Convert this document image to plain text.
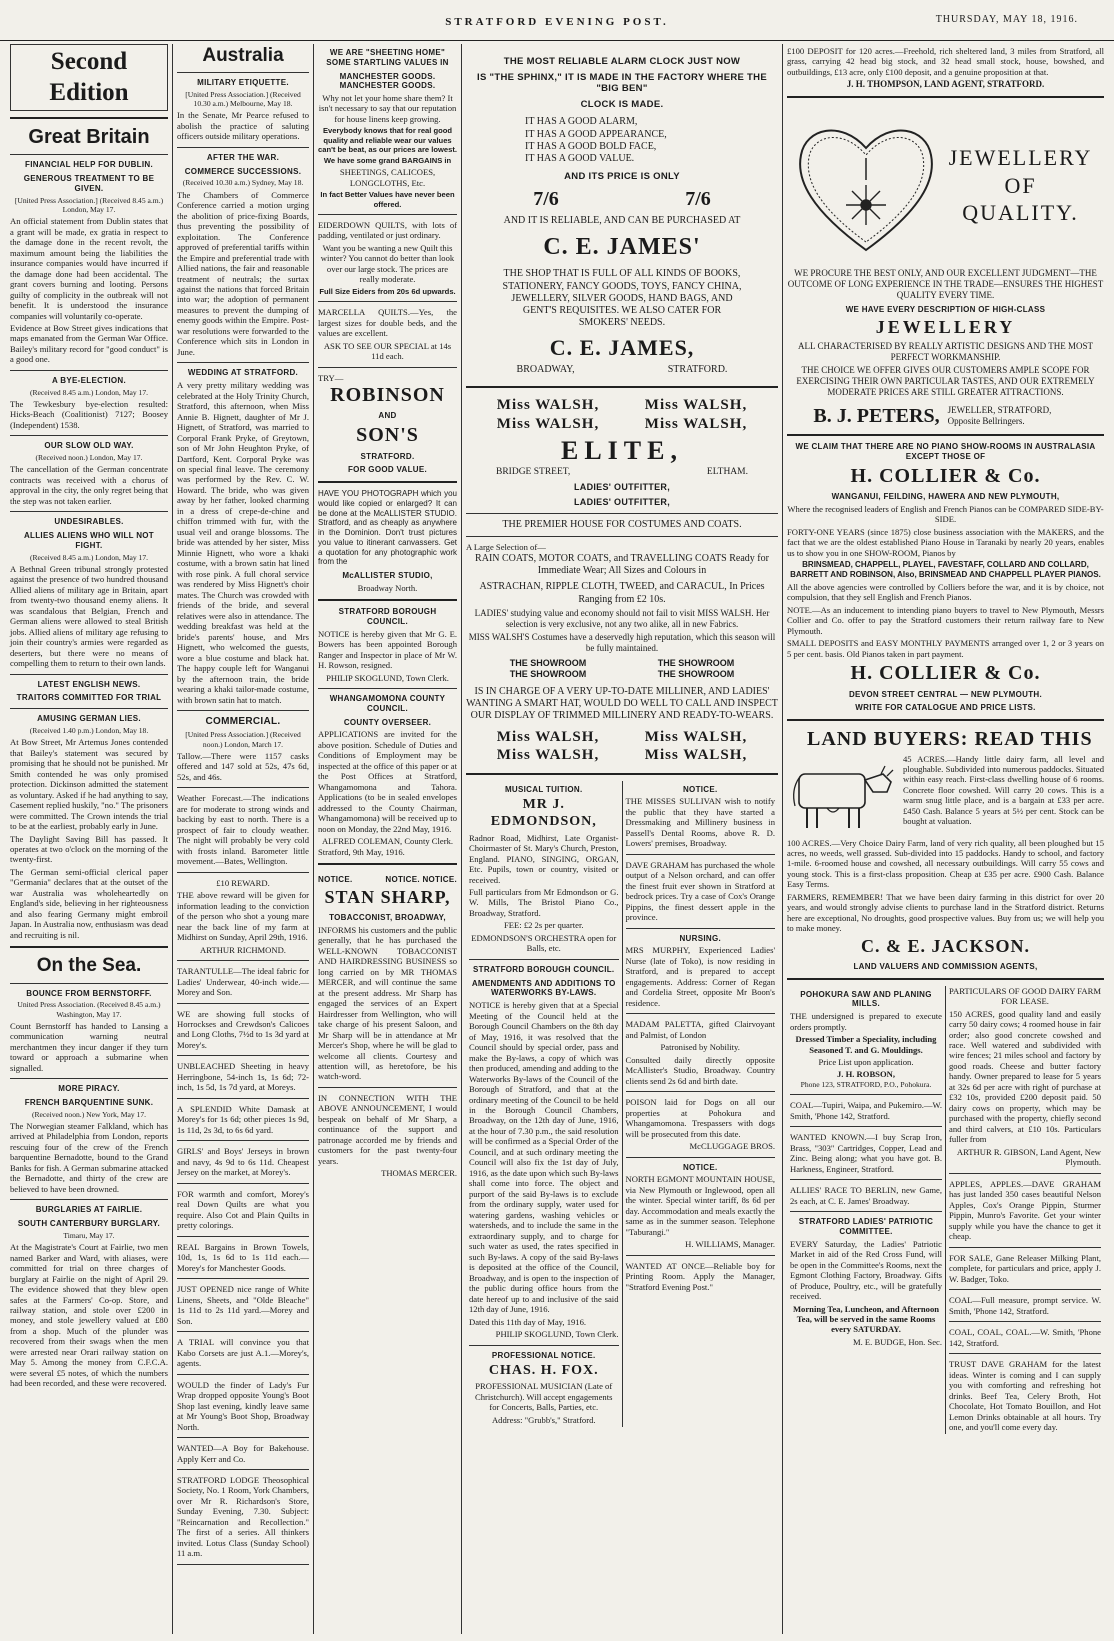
STRATFORD EVENING POST.	THURSDAY, MAY 18, 1916.
Second Edition
Great Britain
FINANCIAL HELP FOR DUBLIN.
GENEROUS TREATMENT TO BE GIVEN.
[United Press Association.] (Received 8.45 a.m.) London, May 17.

An official statement from Dublin states that a grant will be made, ex gratia in respect to the damage done in the recent revolt, the maximum amount being the liabilities the insurance companies would have incurred if the damage done had been accidental. The grant covers burning and looting. Persons guilty of complicity in the outbreak will not benefit. It is understood the insurance companies will voluntarily co-operate.

Evidence at Bow Street gives indications that maps emanated from the German War Office. Bailey's military record for "good conduct" is a good one.

A BYE-ELECTION.
(Received 8.45 a.m.) London, May 17.

The Tewkesbury bye-election resulted: Hicks-Beach (Coalitionist) 7127; Boosey (Independent) 1538.

OUR SLOW OLD WAY.
(Received noon.) London, May 17.

The cancellation of the German concentrate contracts was received with a chorus of approval in the city, the only regret being that the step was not taken earlier.

UNDESIRABLES.
ALLIES ALIENS WHO WILL NOT FIGHT.
(Received 8.45 a.m.) London, May 17.

A Bethnal Green tribunal strongly protested against the presence of two hundred thousand Allied aliens of military age in Britain, apart from twenty-two thousand enemy aliens. It was scandalous that Belgian, French and German aliens were allowed to steal British jobs. Allied aliens of military age refusing to join their country's armies were regarded as deserters, but there were no means of compelling them to return to their own lands.

LATEST ENGLISH NEWS.
TRAITORS COMMITTED FOR TRIAL
AMUSING GERMAN LIES.
(Received 1.40 p.m.) London, May 18.

At Bow Street, Mr Artemus Jones contended that Bailey's statement was secured by promising that he should not be punished. Mr Smith contended he was only promised protection. Dickinson admitted the statement as voluntary. Asked if he had anything to say, Casement replied huskily, "no." The prisoners were committed. The Crown intends the trial to be at the earliest, probably early in June.

The Daylight Saving Bill has passed. It operates at two o'clock on the morning of the twenty-first.

The German semi-official clerical paper "Germania" declares that at the outset of the war Australia was wholeheartedly on England's side, believing in her righteousness and also fearing Germany might embroil Japan. In Australia now, enthusiasm was dead and recruiting is nil.

On the Sea.
BOUNCE FROM BERNSTORFF.
United Press Association. (Received 8.45 a.m.) Washington, May 17.

Count Bernstorff has handed to Lansing a communication warning neutral merchantmen they incur danger if they turn toward or approach a submarine when signalled.

MORE PIRACY.
FRENCH BARQUENTINE SUNK.
(Received noon.) New York, May 17.

The Norwegian steamer Falkland, which has arrived at Philadelphia from London, reports rescuing four of the crew of the French barquentine Bernadotte, bound to the Grand Banks for fish. A German submarine attacked the Bernadotte, and thirty of the crew are believed to have been drowned.

BURGLARIES AT FAIRLIE.
SOUTH CANTERBURY BURGLARY.
Timaru, May 17.

At the Magistrate's Court at Fairlie, two men named Barker and Ward, with aliases, were committed for trial on three charges of burglary at Fairlie on the night of April 29. The evidence showed that they blew open safes at the Farmers' Co-op. Store, and railway station, and stole over £200 in money, and stole jewellery valued at £80 from a shop. Much of the plunder was recovered from their swags when the men were arrested near Orari railway station on May 5. Among the money from C.F.C.A. were several £5 notes, of which the numbers had been recorded, and these were recovered.

Australia
MILITARY ETIQUETTE.
[United Press Association.] (Received 10.30 a.m.) Melbourne, May 18.

In the Senate, Mr Pearce refused to abolish the practice of saluting officers outside military operations.

AFTER THE WAR.
COMMERCE SUCCESSIONS.
(Received 10.30 a.m.) Sydney, May 18.

The Chambers of Commerce Conference carried a motion urging the abolition of price-fixing Boards, thus preventing the possibility of exploitation. The Conference approved of preferential tariffs within the Empire and preferential trade with Allied nations, the fair and reasonable treatment of neutrals; the surtax against the nations that forced Britain into war; the adoption of permanent measures to prevent the dumping of enemy goods within the Empire. Post-war resolutions were forwarded to the Conference which sits in London in June.

WEDDING AT STRATFORD.

A very pretty military wedding was celebrated at the Holy Trinity Church, Stratford, this afternoon, when Miss Annie B. Hignett, daughter of Mr J. Hignett, of Stratford, was married to Corporal Frank Pryke, of Greytown, son of Mr John Heughton Pryke, of Dartford, Kent. Corporal Pryke was on special final leave. The ceremony was performed by the Rev. C. W. Howard. The bride, who was given away by her father, looked charming in a dress of crepe-de-chine and chiffon trimmed with fur, with the usual veil and orange blossoms. The bride was attended by her sister, Miss Minnie Hignett, who wore a khaki costume, with a brown satin hat lined with rose pink. A full choral service was rendered by Miss Hignett's choir mates. The Church was crowded with friends of the bride, and several relatives were also in attendance. The wedding breakfast was held at the bride's parents' house, and Mrs Hignett, who welcomed the guests, wore a blue costume and black hat. The happy couple left for Wanganui by the afternoon train, the bride wearing a khaki tailor-made costume, with brown satin hat to match.

COMMERCIAL.
[United Press Association.] (Received noon.) London, March 17.

Tallow.—There were 1157 casks offered and 147 sold at 52s, 47s 6d, 52s, and 46s.

Weather Forecast.—The indications are for moderate to strong winds and backing by east to north. There is a prospect of fair to cloudy weather. The night will probably be very cold with frosts inland. Barometer little movement.—Bates, Wellington.

£10 REWARD.

THE above reward will be given for information leading to the conviction of the person who shot a young mare near the back line of my farm at Midhirst on Sunday, April 29th, 1916.

ARTHUR RICHMOND.

TARANTULLE—The ideal fabric for Ladies' Underwear, 40-inch wide.—Morey and Son.

WE are showing full stocks of Horrockses and Crewdson's Calicoes and Long Cloths, 7½d to 1s 3d yard at Morey's.

UNBLEACHED Sheeting in heavy Herringbone, 54-inch 1s, 1s 6d; 72-inch, 1s 5d, 1s 7d yard, at Moreys.

A SPLENDID White Damask at Morey's for 1s 6d; other pieces 1s 9d, 1s 11d, 2s 3d, to 6s 6d yard.

GIRLS' and Boys' Jerseys in brown and navy, 4s 9d to 6s 11d. Cheapest Jersey on the market, at Morey's.

FOR warmth and comfort, Morey's real Down Quilts are what you require. Also Cot and Plain Quilts in pretty colorings.

REAL Bargains in Brown Towels, 10d, 1s, 1s 6d to 1s 11d each.—Morey's for Manchester Goods.

JUST OPENED nice range of White Linens, Sheets, and "Olde Bleache" 1s 11d to 2s 11d yard.—Morey and Son.

A TRIAL will convince you that Kabo Corsets are just A.1.—Morey's, agents.

WOULD the finder of Lady's Fur Wrap dropped opposite Young's Boot Shop last evening, kindly leave same at Mr Young's Boot Shop, Broadway North.

WANTED—A Boy for Bakehouse. Apply Kerr and Co.

STRATFORD LODGE Theosophical Society, No. 1 Room, York Chambers, over Mr R. Richardson's Store, Sunday Evening, 7.30. Subject: "Reincarnation and Recollection." The first of a series. All thinkers invited. Lotus Class (Sunday School) 11 a.m.

WE ARE "SHEETING HOME" SOME STARTLING VALUES IN
MANCHESTER GOODS. MANCHESTER GOODS.

Why not let your home share them? It isn't necessary to say that our reputation for house linens keep growing.

Everybody knows that for real good quality and reliable wear our values can't be beat, as our prices are lowest.

We have some grand BARGAINS in

SHEETINGS, CALICOES, LONGCLOTHS, Etc.

In fact Better Values have never been offered.

EIDERDOWN QUILTS, with lots of padding, ventilated or just ordinary.

Want you be wanting a new Quilt this winter? You cannot do better than look over our large stock. The prices are really moderate.

Full Size Eiders from 20s 6d upwards.

MARCELLA QUILTS.—Yes, the largest sizes for double beds, and the values are excellent.

ASK TO SEE OUR SPECIAL at 14s 11d each.

TRY—
ROBINSON
AND
SON'S
STRATFORD.
FOR GOOD VALUE.

HAVE YOU PHOTOGRAPH which you would like copied or enlarged? It can be done at the McALLISTER STUDIO. Stratford, and as cheaply as anywhere in the Dominion. Don't trust pictures you value to itinerant canvassers. Get a quotation for any photographic work from the

McALLISTER STUDIO,
Broadway North.
STRATFORD BOROUGH COUNCIL.

NOTICE is hereby given that Mr G. E. Bowers has been appointed Borough Ranger and Inspector in place of Mr W. H. Rowson, resigned.

PHILIP SKOGLUND, Town Clerk.
WHANGAMOMONA COUNTY COUNCIL.
COUNTY OVERSEER.

APPLICATIONS are invited for the above position. Schedule of Duties and Conditions of Employment may be inspected at the office of this paper or at the Post Offices at Stratford, Whangamomona and Tahora. Applications (to be in sealed envelopes addressed to the County Chairman, Whangamomona) will be received up to noon on Monday, the 22nd May, 1916.

ALFRED COLEMAN, County Clerk.
Stratford, 9th May, 1916.
NOTICE.	NOTICE. NOTICE.
STAN SHARP,
TOBACCONIST, BROADWAY,

INFORMS his customers and the public generally, that he has purchased the WELL-KNOWN TOBACCONIST AND HAIRDRESSING BUSINESS so long carried on by MR THOMAS MERCER, and will continue the same at the present address. Mr Sharp has engaged the services of an Expert Hairdresser from Wellington, who will take charge of his present Saloon, and Mr Sharp will be in attendance at Mr Mercer's Shop, where he will be glad to welcome all clients. Courtesy and attention will, as heretofore, be his watch-word.

IN CONNECTION WITH THE ABOVE ANNOUNCEMENT, I would bespeak on behalf of Mr Sharp, a continuance of the support and patronage accorded me by friends and customers for the past twenty-four years.

THOMAS MERCER.
THE MOST RELIABLE ALARM CLOCK JUST NOW
IS "THE SPHINX," IT IS MADE IN THE FACTORY WHERE THE "BIG BEN"
CLOCK IS MADE.
IT HAS A GOOD ALARM,
IT HAS A GOOD APPEARANCE,
IT HAS A GOOD BOLD FACE,
IT HAS A GOOD VALUE.
AND ITS PRICE IS ONLY
7/6	7/6
AND IT IS RELIABLE, AND CAN BE PURCHASED AT
C. E. JAMES'
THE SHOP THAT IS FULL OF ALL KINDS OF BOOKS, STATIONERY, FANCY GOODS, TOYS, FANCY CHINA, JEWELLERY, SILVER GOODS, HAND BAGS, AND GENT'S REQUISITES. WE ALSO CATER FOR SMOKERS' NEEDS.
C. E. JAMES,
BROADWAY,	STRATFORD.
Miss WALSH,	Miss WALSH,
Miss WALSH,	Miss WALSH,
ELITE,
BRIDGE STREET,	ELTHAM.
LADIES' OUTFITTER,
LADIES' OUTFITTER,
THE PREMIER HOUSE FOR COSTUMES AND COATS.
A Large Selection of—
RAIN COATS, MOTOR COATS, and TRAVELLING COATS Ready for Immediate Wear; All Sizes and Colours in
ASTRACHAN, RIPPLE CLOTH, TWEED, and CARACUL, In Prices Ranging from £2 10s.

LADIES' studying value and economy should not fail to visit MISS WALSH. Her selection is very exclusive, not any two alike, all in new Fabrics.

MISS WALSH'S Costumes have a deservedly high reputation, which this season will be fully maintained.

THE SHOWROOM	THE SHOWROOM
THE SHOWROOM	THE SHOWROOM
IS IN CHARGE OF A VERY UP-TO-DATE MILLINER, AND LADIES' WANTING A SMART HAT, WOULD DO WELL TO CALL AND INSPECT OUR DISPLAY OF TRIMMED MILLINERY AND READY-TO-WEARS.
Miss WALSH,	Miss WALSH,
Miss WALSH,	Miss WALSH,
MUSICAL TUITION.
MR J. EDMONDSON,

Radnor Road, Midhirst, Late Organist-Choirmaster of St. Mary's Church, Preston, England. PIANO, SINGING, ORGAN, Etc. Pupils, town or country, visited or received.

Full particulars from Mr Edmondson or G. W. Mills, The Bristol Piano Co., Broadway, Stratford.

FEE: £2 2s per quarter.

EDMONDSON'S ORCHESTRA open for Balls, etc.

STRATFORD BOROUGH COUNCIL.
AMENDMENTS AND ADDITIONS TO WATERWORKS BY-LAWS.

NOTICE is hereby given that at a Special Meeting of the Council held at the Borough Council Chambers on the 8th day of May, 1916, it was resolved that the Council should by special order, pass and make the By-laws, a copy of which was then produced, amending and adding to the Waterworks By-laws of the Council of the Borough of Stratford, and that at the ordinary meeting of the Council to be held in the Borough Council Chambers, Broadway, on the 12th day of June, 1916, at the hour of 7.30 p.m., the said resolution will be confirmed as a Special Order of the Council, and at such ordinary meeting the Council will also fix the 1st day of July, 1916, as the date upon which such By-laws shall come into force. The object and purport of the said By-laws is to exclude from the ordinary supply, water used for watering gardens, washing vehicles or watersheds, and to include the same in the extraordinary supply, and to charge for such water as used, the rates specified in such By-laws. A copy of the said By-laws is deposited at the office of the Council, Broadway, and is open to the inspection of the public during office hours from the date hereof up to and inclusive of the said 12th day of June, 1916.

Dated this 11th day of May, 1916.

PHILIP SKOGLUND, Town Clerk.
PROFESSIONAL NOTICE.
CHAS. H. FOX.

PROFESSIONAL MUSICIAN (Late of Christchurch). Will accept engagements for Concerts, Balls, Parties, etc.

Address: "Grubb's," Stratford.

NOTICE.

THE MISSES SULLIVAN wish to notify the public that they have started a Dressmaking and Millinery business in Passell's Dental Rooms, above R. D. Lowers' premises, Broadway.

DAVE GRAHAM has purchased the whole output of a Nelson orchard, and can offer the finest fruit ever shown in Stratford at bedrock prices. Try a case of Cox's Orange Pippins, the finest dessert apple in the province.

NURSING.

MRS MURPHY, Experienced Ladies' Nurse (late of Toko), is now residing in Stratford, and is prepared to accept engagements. Address: Corner of Regan and Cordelia Street, opposite Mr Boon's residence.

MADAM PALETTA, gifted Clairvoyant and Palmist, of London

Patronised by Nobility.

Consulted daily directly opposite McAllister's Studio, Broadway. Country clients send 2s 6d and birth date.

POISON laid for Dogs on all our properties at Pohokura and Whangamomona. Trespassers with dogs will be prosecuted from this date.

McCLUGGAGE BROS.
NOTICE.

NORTH EGMONT MOUNTAIN HOUSE, via New Plymouth or Inglewood, open all the winter. Special winter tariff, 8s 6d per day. Accommodation and meals exactly the same as in the summer season. Telephone "Taburangi."

H. WILLIAMS, Manager.

WANTED AT ONCE—Reliable boy for Printing Room. Apply the Manager, "Stratford Evening Post."

£100 DEPOSIT for 120 acres.—Freehold, rich sheltered land, 3 miles from Stratford, all grass, carrying 42 head big stock, and 32 head small stock, house, bowshed, and outbuildings, £13 acre, only £100 deposit, and a genuine proposition at that.

J. H. THOMPSON, LAND AGENT, STRATFORD.
JEWELLERY
OF
QUALITY.

WE PROCURE THE BEST ONLY, AND OUR EXCELLENT JUDGMENT—THE OUTCOME OF LONG EXPERIENCE IN THE TRADE—ENSURES THE HIGHEST QUALITY EVERY TIME.

WE HAVE EVERY DESCRIPTION OF HIGH-CLASS
JEWELLERY

ALL CHARACTERISED BY REALLY ARTISTIC DESIGNS AND THE MOST PERFECT WORKMANSHIP.

THE CHOICE WE OFFER GIVES OUR CUSTOMERS AMPLE SCOPE FOR EXERCISING THEIR OWN PARTICULAR TASTES, AND OUR EXTREMELY MODERATE PRICES ARE STILL GREATER ATTRACTIONS.

B. J. PETERS, JEWELLER, STRATFORD, Opposite Bellringers.
WE CLAIM THAT THERE ARE NO PIANO SHOW-ROOMS IN AUSTRALASIA EXCEPT THOSE OF
H. COLLIER & Co.
WANGANUI, FEILDING, HAWERA AND NEW PLYMOUTH,

Where the recognised leaders of English and French Pianos can be COMPARED SIDE-BY-SIDE.

FORTY-ONE YEARS (since 1875) close business association with the MAKERS, and the fact that we are the oldest established Piano House in Taranaki by nearly 20 years, enables us to show you in one SHOW-ROOM, Pianos by

BRINSMEAD, CHAPPELL, PLAYEL, FAVESTAFF, COLLARD AND COLLARD, BARRETT AND ROBINSON, Also, BRINSMEAD AND CHAPPELL PLAYER PIANOS.

All the above agencies were controlled by Colliers before the war, and it is by choice, not compulsion, that they sell English and French Pianos.

NOTE.—As an inducement to intending piano buyers to travel to New Plymouth, Messrs Collier and Co. offer to pay the Stratford customers their return railway fare to New Plymouth.

SMALL DEPOSITS and EASY MONTHLY PAYMENTS arranged over 1, 2 or 3 years on 5 per cent. basis. Old Pianos taken in part payment.

H. COLLIER & Co.
DEVON STREET CENTRAL — NEW PLYMOUTH.
WRITE FOR CATALOGUE AND PRICE LISTS.
LAND BUYERS: READ THIS

45 ACRES.—Handy little dairy farm, all level and ploughable. Subdivided into numerous paddocks. Situated within easy reach. First-class dwelling house of 6 rooms. Concrete floor cowshed. Will carry 20 cows. This is a warm snug little place, and is a bargain at £33 per acre. £450 Cash. Balance 5 years at 5½ per cent. Stock can be bought at valuation.

100 ACRES.—Very Choice Dairy Farm, land of very rich quality, all been ploughed but 15 acres, no weeds, well grassed. Sub-divided into 15 paddocks. Handy to school, and factory 1-mile. 6-roomed house and cowshed, all necessary outbuildings. Will carry 55 cows and young stock. This is a first-class proposition. Cheap at £35 per acre. £900 Cash. Balance Easy Terms.

FARMERS, REMEMBER! That we have been dairy farming in this district for over 20 years, and would strongly advise clients to purchase land in the Stratford district. Returns here are exceptional, No droughts, good prospective values. Buy from us; we will help you to make money.

C. & E. JACKSON.
LAND VALUERS AND COMMISSION AGENTS,
POHOKURA SAW AND PLANING MILLS.

THE undersigned is prepared to execute orders promptly.

Dressed Timber a Speciality, including Seasoned T. and G. Mouldings.

Price List upon application.

J. H. ROBSON,
Phone 123, STRATFORD, P.O., Pohokura.

COAL—Tupiri, Waipa, and Pukemiro.—W. Smith, 'Phone 142, Stratford.

WANTED KNOWN.—I buy Scrap Iron, Brass, "303" Cartridges, Copper, Lead and Zinc. Being along; what you have got. B. Harkness, Engineer, Stratford.

ALLIES' RACE TO BERLIN, new Game, 2s each, at C. E. James' Broadway.

STRATFORD LADIES' PATRIOTIC COMMITTEE.

EVERY Saturday, the Ladies' Patriotic Market in aid of the Red Cross Fund, will be open in the Committee's Rooms, next the Egmont Clothing Factory, Broadway. Gifts of Produce, Poultry, etc., will be gratefully received.

Morning Tea, Luncheon, and Afternoon Tea, will be served in the same Rooms every SATURDAY.

M. E. BUDGE, Hon. Sec.
PARTICULARS OF GOOD DAIRY FARM FOR LEASE.

150 ACRES, good quality land and easily carry 50 dairy cows; 4 roomed house in fair order; also good concrete cowshed and race. Well watered and subdivided with wire fences; 21 miles school and factory by good roads. Cheese and butter factory handy. Owner prepared to lease for 5 years at 32s 6d per acre with right of purchase at £32 10s, provided £200 deposit paid. 50 dairy cows on property, which may be purchased with the property, chiefly second and third calvers, at £10 10s. Particulars fuller from

ARTHUR R. GIBSON, Land Agent, New Plymouth.

APPLES, APPLES.—DAVE GRAHAM has just landed 350 cases beautiful Nelson Apples, Cox's Orange Pippin, Sturmer Pippin, Munro's Favorite. Get your winter supply while you have the chance to get it cheap.

FOR SALE, Gane Releaser Milking Plant, complete, for particulars and price, apply J. W. Badger, Toko.

COAL—Full measure, prompt service. W. Smith, 'Phone 142, Stratford.

COAL, COAL, COAL.—W. Smith, 'Phone 142, Stratford.

TRUST DAVE GRAHAM for the latest ideas. Winter is coming and I can supply you with comforting and refreshing hot drinks. Beef Tea, Celery Broth, Hot Chocolate, Hot Tomato Bouillon, and Hot Lemon Drinks obtainable at all hours. Try one, and you'll come every day.
